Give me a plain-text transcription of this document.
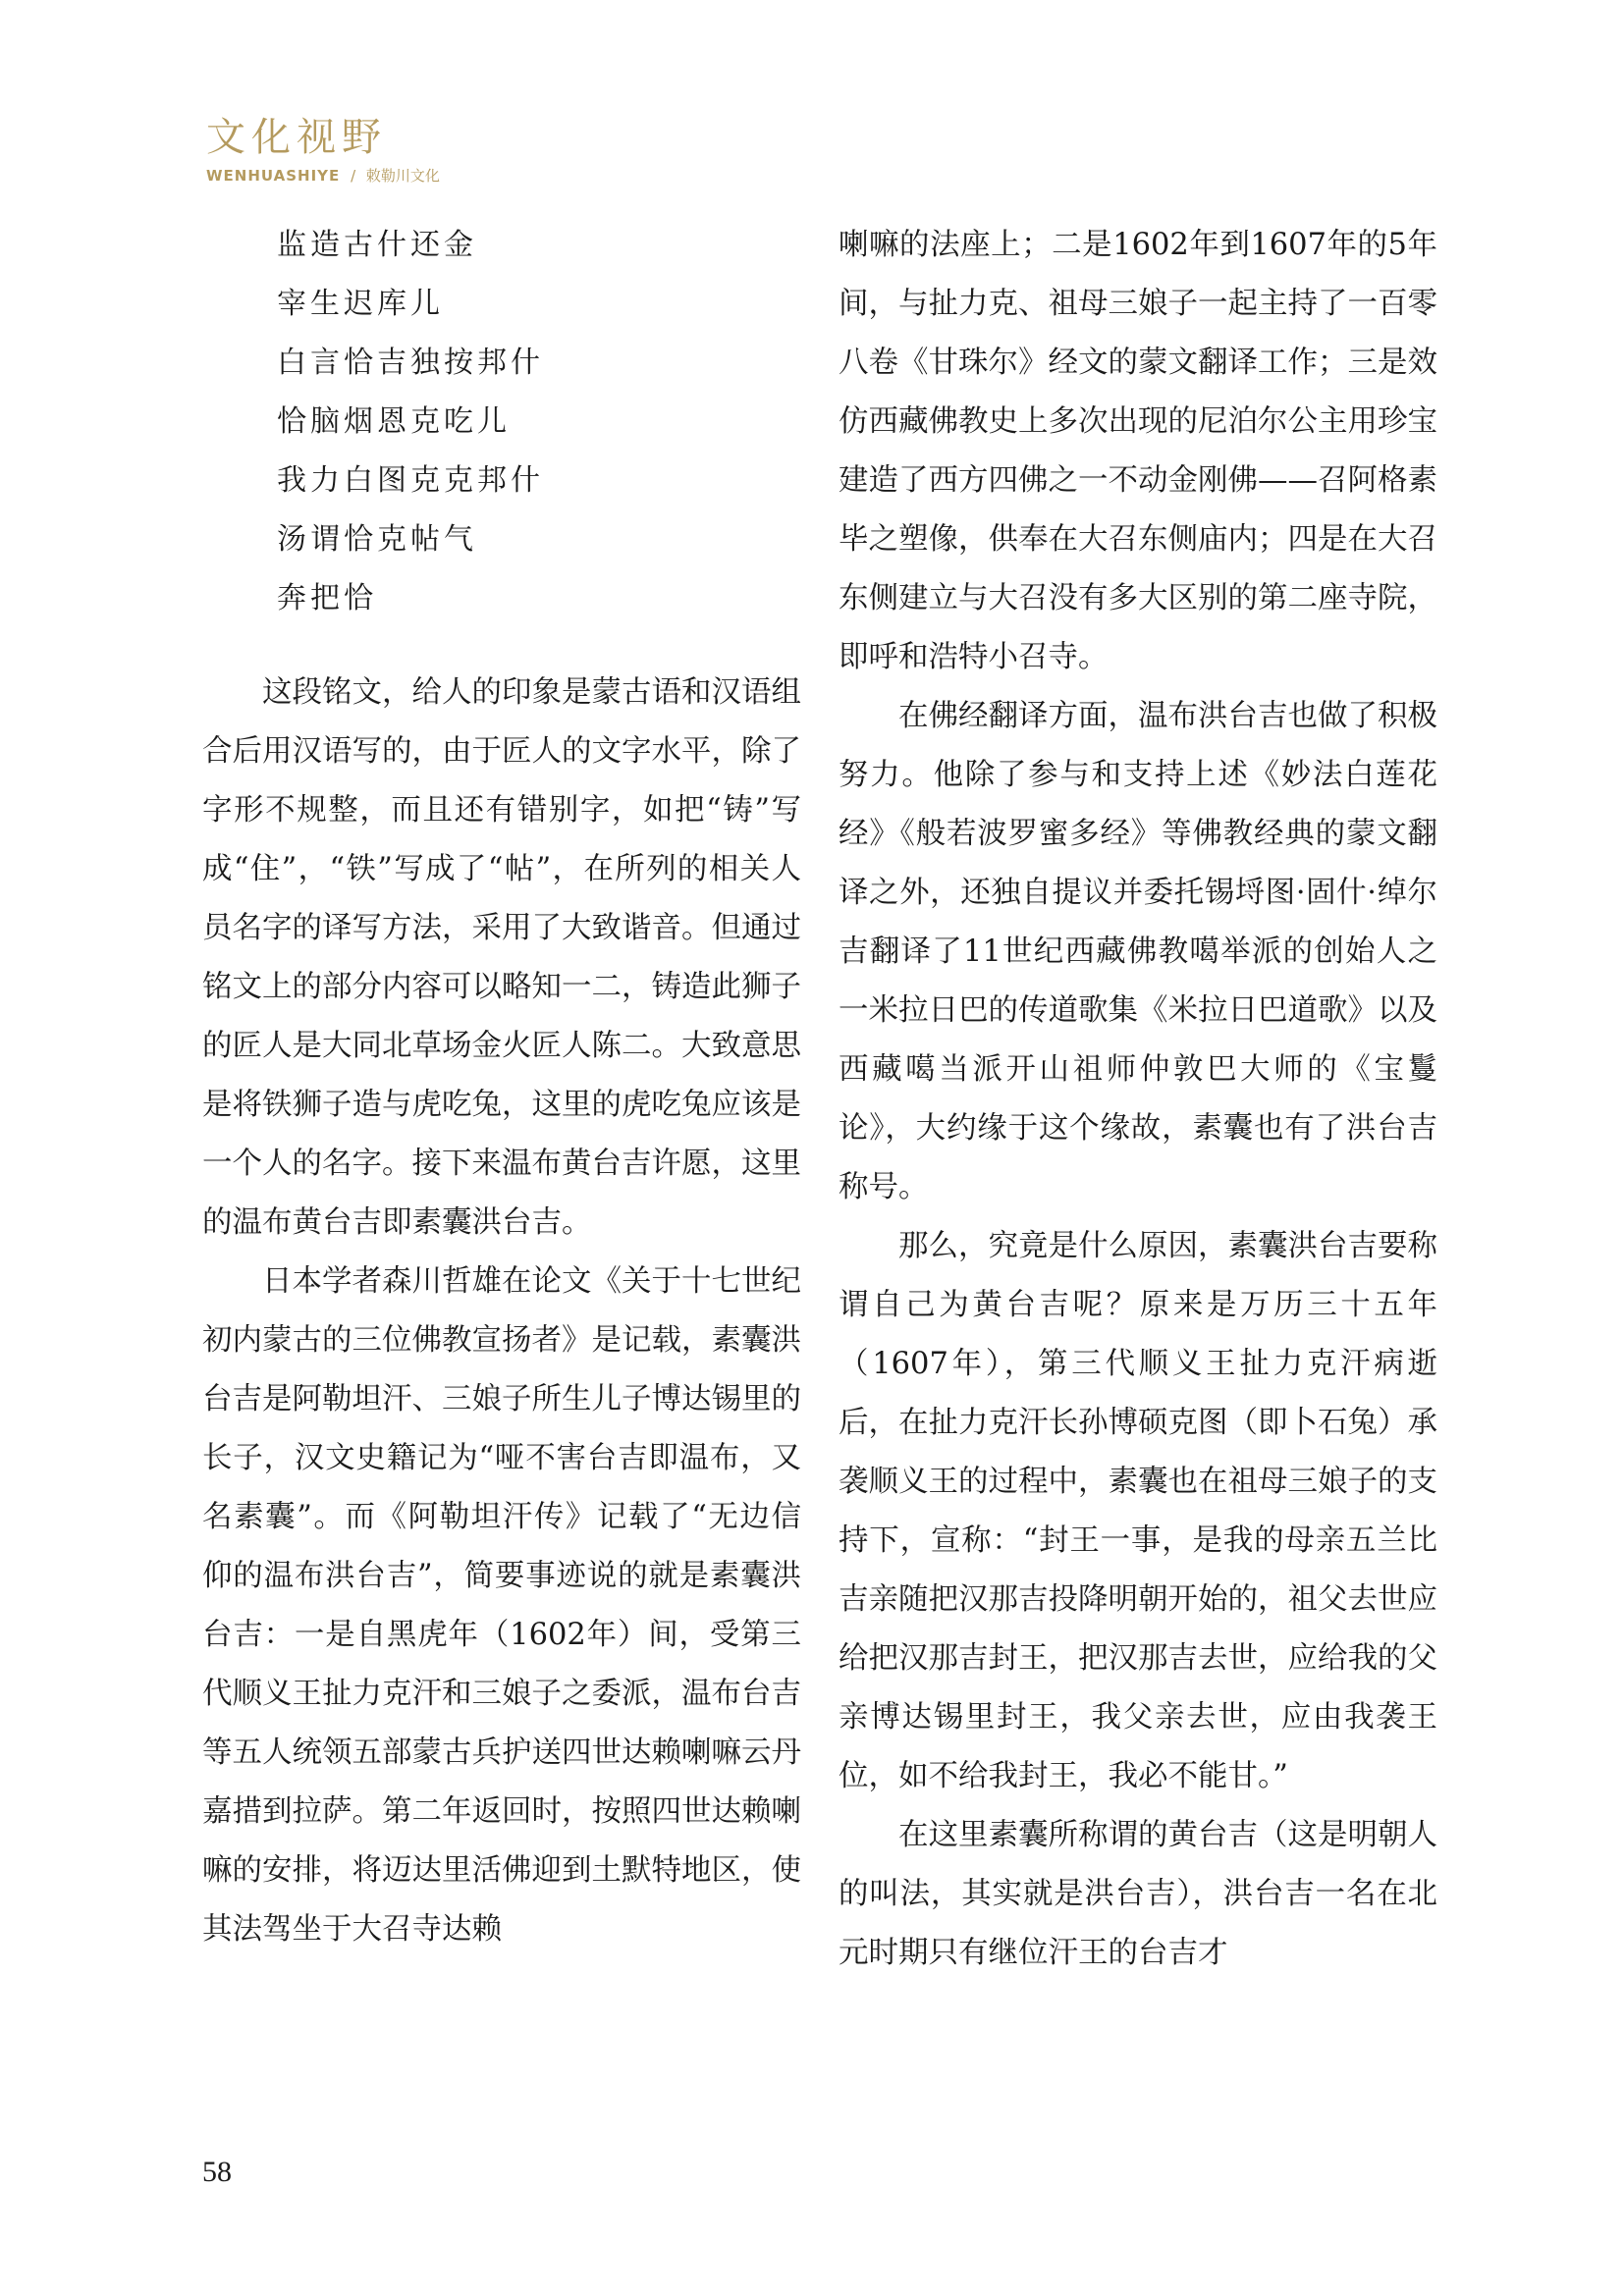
文化视野
WENHUASHIYE / 敕勒川文化
监造古什还金
宰生迟库儿
白言恰吉独按邦什
恰脑烟恩克吃儿
我力白图克克邦什
汤谓恰克帖气
奔把恰

这段铭文，给人的印象是蒙古语和汉语组合后用汉语写的，由于匠人的文字水平，除了字形不规整，而且还有错别字，如把“铸”写成“住”，“铁”写成了“帖”，在所列的相关人员名字的译写方法，采用了大致谐音。但通过铭文上的部分内容可以略知一二，铸造此狮子的匠人是大同北草场金火匠人陈二。大致意思是将铁狮子造与虎吃兔，这里的虎吃兔应该是一个人的名字。接下来温布黄台吉许愿，这里的温布黄台吉即素囊洪台吉。

日本学者森川哲雄在论文《关于十七世纪初内蒙古的三位佛教宣扬者》是记载，素囊洪台吉是阿勒坦汗、三娘子所生儿子博达锡里的长子，汉文史籍记为“哑不害台吉即温布，又名素囊”。而《阿勒坦汗传》记载了“无边信仰的温布洪台吉”，简要事迹说的就是素囊洪台吉：一是自黑虎年（1602年）间，受第三代顺义王扯力克汗和三娘子之委派，温布台吉等五人统领五部蒙古兵护送四世达赖喇嘛云丹嘉措到拉萨。第二年返回时，按照四世达赖喇嘛的安排，将迈达里活佛迎到土默特地区，使其法驾坐于大召寺达赖

喇嘛的法座上；二是1602年到1607年的5年间，与扯力克、祖母三娘子一起主持了一百零八卷《甘珠尔》经文的蒙文翻译工作；三是效仿西藏佛教史上多次出现的尼泊尔公主用珍宝建造了西方四佛之一不动金刚佛——召阿格素毕之塑像，供奉在大召东侧庙内；四是在大召东侧建立与大召没有多大区别的第二座寺院，即呼和浩特小召寺。

在佛经翻译方面，温布洪台吉也做了积极努力。他除了参与和支持上述《妙法白莲花经》《般若波罗蜜多经》等佛教经典的蒙文翻译之外，还独自提议并委托锡埒图·固什·绰尔吉翻译了11世纪西藏佛教噶举派的创始人之一米拉日巴的传道歌集《米拉日巴道歌》以及西藏噶当派开山祖师仲敦巴大师的《宝鬘论》，大约缘于这个缘故，素囊也有了洪台吉称号。

那么，究竟是什么原因，素囊洪台吉要称谓自己为黄台吉呢？原来是万历三十五年（1607年），第三代顺义王扯力克汗病逝后，在扯力克汗长孙博硕克图（即卜石兔）承袭顺义王的过程中，素囊也在祖母三娘子的支持下，宣称：“封王一事，是我的母亲五兰比吉亲随把汉那吉投降明朝开始的，祖父去世应给把汉那吉封王，把汉那吉去世，应给我的父亲博达锡里封王，我父亲去世，应由我袭王位，如不给我封王，我必不能甘。”

在这里素囊所称谓的黄台吉（这是明朝人的叫法，其实就是洪台吉），洪台吉一名在北元时期只有继位汗王的台吉才

58
